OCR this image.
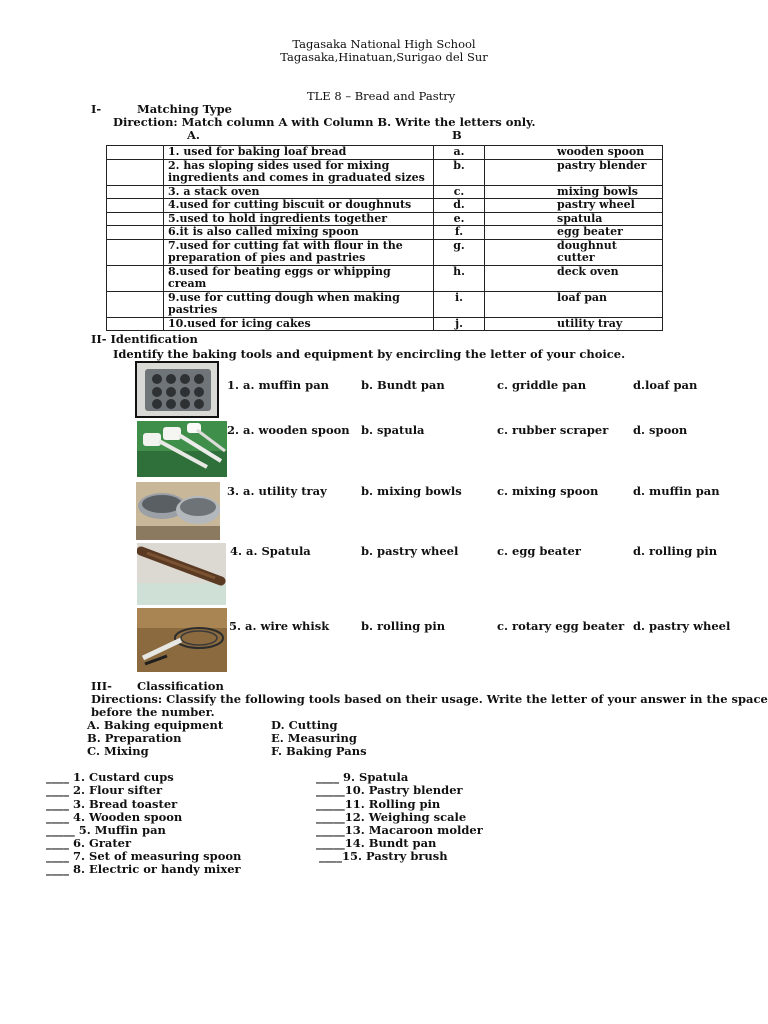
Tagasaka National High School
Tagasaka,Hinatuan,Surigao del Sur
TLE 8 – Bread and Pastry
I-	Matching Type
Direction: Match column A with Column B. Write the letters only.
A.	B
	1. used for baking loaf bread	a.	wooden spoon
	2. has sloping sides used for mixing ingredients and comes in graduated sizes	b.	pastry blender
	3. a stack oven	c.	mixing bowls
	4.used for cutting biscuit or doughnuts	d.	pastry wheel
	5.used to hold ingredients together	e.	spatula
	6.it is also called mixing spoon	f.	egg beater
	7.used for cutting fat with flour in the preparation of pies and pastries	g.	doughnut cutter
	8.used for beating eggs or whipping cream	h.	deck oven
	9.use for cutting dough when making pastries	i.	loaf pan
	10.used for icing cakes	j.	utility tray
II- Identification
Identify the baking tools and equipment by encircling the letter of your choice.
1. a. muffin pan	b. Bundt pan	c. griddle pan	d.loaf pan
2. a. wooden spoon b. spatula	c. rubber scraper d. spoon
3. a. utility tray	b. mixing bowls	c. mixing spoon	d. muffin pan
4. a. Spatula	b. pastry wheel	c. egg beater	d. rolling pin
5. a. wire whisk	b. rolling pin	c. rotary egg beater d. pastry wheel
III- Classification
Directions: Classify the following tools based on their usage. Write the letter of your answer in the space
before the number.
A. Baking equipment
B. Preparation
C. Mixing
D. Cutting
E. Measuring
F. Baking Pans
____ 1. Custard cups
____ 2. Flour sifter
____ 3. Bread toaster
____ 4. Wooden spoon
_____ 5. Muffin pan
____ 6. Grater
____ 7. Set of measuring spoon
____ 8. Electric or handy mixer
____ 9. Spatula
_____10. Pastry blender
_____11. Rolling pin
_____12. Weighing scale
_____13. Macaroon molder
_____14. Bundt pan
____15. Pastry brush
